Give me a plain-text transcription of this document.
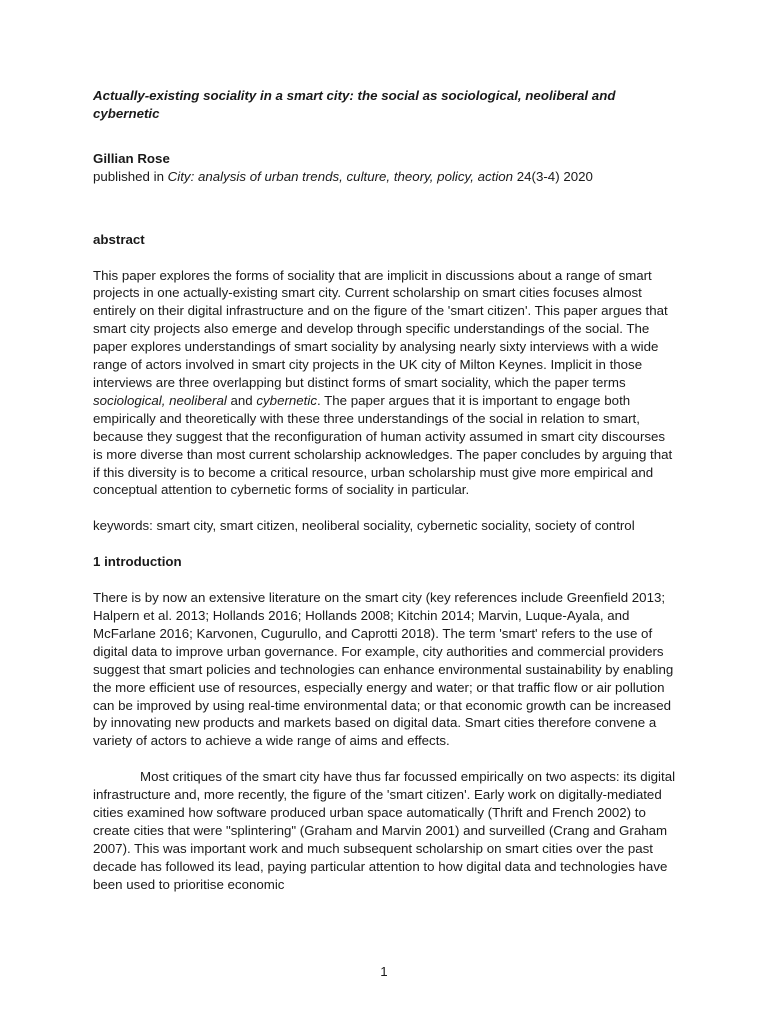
Actually-existing sociality in a smart city: the social as sociological, neoliberal and cybernetic

Gillian Rose

published in City: analysis of urban trends, culture, theory, policy, action 24(3-4) 2020

abstract

This paper explores the forms of sociality that are implicit in discussions about a range of smart projects in one actually-existing smart city. Current scholarship on smart cities focuses almost entirely on their digital infrastructure and on the figure of the 'smart citizen'. This paper argues that smart city projects also emerge and develop through specific understandings of the social. The paper explores understandings of smart sociality by analysing nearly sixty interviews with a wide range of actors involved in smart city projects in the UK city of Milton Keynes. Implicit in those interviews are three overlapping but distinct forms of smart sociality, which the paper terms sociological, neoliberal and cybernetic. The paper argues that it is important to engage both empirically and theoretically with these three understandings of the social in relation to smart, because they suggest that the reconfiguration of human activity assumed in smart city discourses is more diverse than most current scholarship acknowledges. The paper concludes by arguing that if this diversity is to become a critical resource, urban scholarship must give more empirical and conceptual attention to cybernetic forms of sociality in particular.

keywords: smart city, smart citizen, neoliberal sociality, cybernetic sociality, society of control

1 introduction

There is by now an extensive literature on the smart city (key references include Greenfield 2013; Halpern et al. 2013; Hollands 2016; Hollands 2008; Kitchin 2014; Marvin, Luque-Ayala, and McFarlane 2016; Karvonen, Cugurullo, and Caprotti 2018). The term 'smart' refers to the use of digital data to improve urban governance. For example, city authorities and commercial providers suggest that smart policies and technologies can enhance environmental sustainability by enabling the more efficient use of resources, especially energy and water; or that traffic flow or air pollution can be improved by using real-time environmental data; or that economic growth can be increased by innovating new products and markets based on digital data. Smart cities therefore convene a variety of actors to achieve a wide range of aims and effects.

Most critiques of the smart city have thus far focussed empirically on two aspects: its digital infrastructure and, more recently, the figure of the 'smart citizen'. Early work on digitally-mediated cities examined how software produced urban space automatically (Thrift and French 2002) to create cities that were "splintering" (Graham and Marvin 2001) and surveilled (Crang and Graham 2007). This was important work and much subsequent scholarship on smart cities over the past decade has followed its lead, paying particular attention to how digital data and technologies have been used to prioritise economic

1
